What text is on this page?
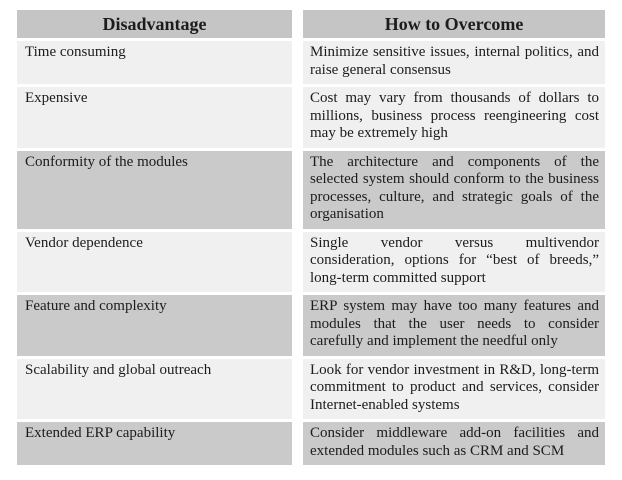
Disadvantage	How to Overcome
Time consuming	Minimize sensitive issues, internal politics, and raise general consensus
Expensive	Cost may vary from thousands of dollars to millions, business process reengineering cost may be extremely high
Conformity of the modules	The architecture and components of the selected system should conform to the business processes, culture, and strategic goals of the organisation
Vendor dependence	Single vendor versus multivendor consideration, options for “best of breeds,” long-term committed support
Feature and complexity	ERP system may have too many features and modules that the user needs to consider carefully and implement the needful only
Scalability and global outreach	Look for vendor investment in R&D, long-term commitment to product and services, consider Internet-enabled systems
Extended ERP capability	Consider middleware add-on facilities and extended modules such as CRM and SCM
